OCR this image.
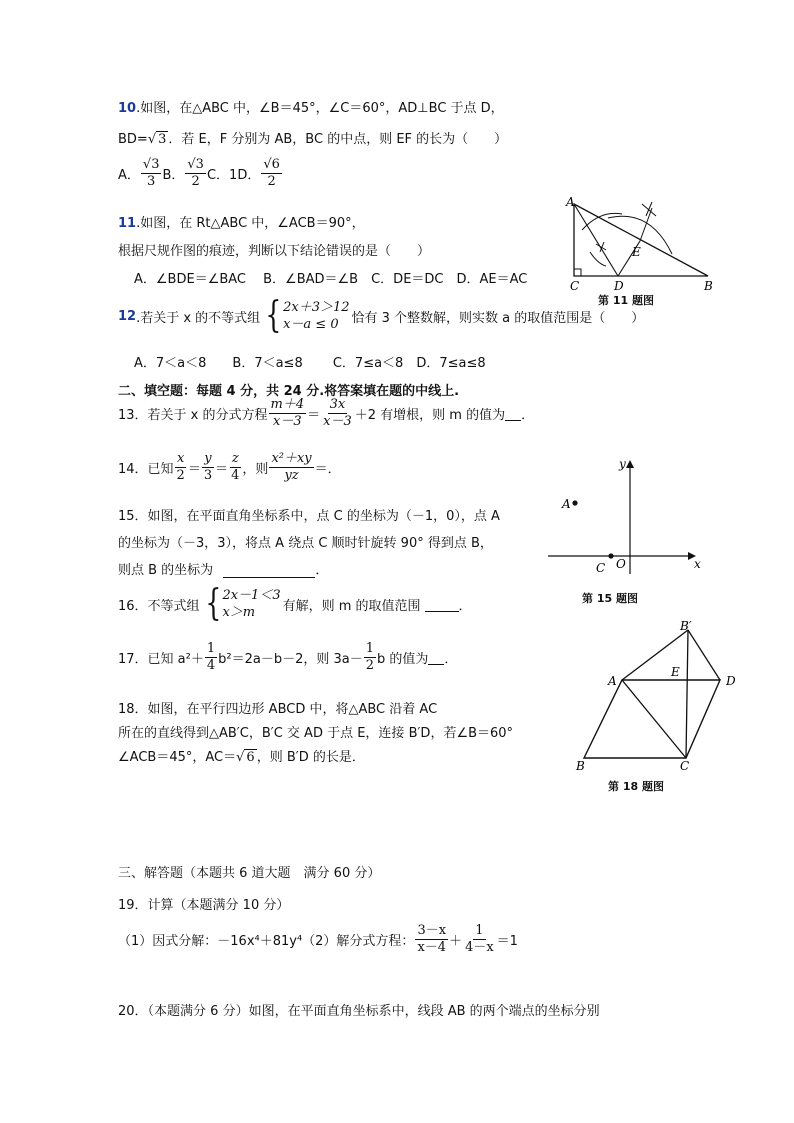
10.如图，在△ABC 中，∠B＝45°，∠C＝60°，AD⊥BC 于点 D，
BD=√ 3 ．若 E，F 分别为 AB，BC 的中点，则 EF 的长为（　　）
A． $\frac{√3}{3}$ B． $\frac{√3}{2}$ C．1 D． $\frac{√6}{2}$
11.如图，在 Rt△ABC 中，∠ACB＝90°，
根据尺规作图的痕迹，判断以下结论错误的是（　　）
A．∠BDE＝∠BAC　 B．∠BAD＝∠B　C．DE＝DC　D．AE＝AC
A
C	D
E
B
第 11 题图
12 .若关于 x 的不等式组 { 2x＋3＞12
x－a ≤ 0 恰有 3 个整数解，则实数 a 的取值范围是（　　）
A．7＜a＜8　　B．7＜a≤8　　 C．7≤a＜8　D．7≤a≤8
二、填空题：每题 4 分，共 24 分.将答案填在题的中线上.
13．若关于 x 的分式方程 $\frac{m+4}{x-3} = \frac{3x}{x-3} +2$ 有增根，则 m 的值为 ．
14．已知 $\frac{x}{2} = \frac{y}{3} = \frac{z}{4}$ ，则 $\frac{\text{x²＋xy}}{yz}$ ＝．
15．如图，在平面直角坐标系中，点 C 的坐标为（－1，0），点 A
的坐标为（－3，3），将点 A 绕点 C 顺时针旋转 90° 得到点 B，
则点 B 的坐标为	．
y
A
C O	x
第 15 题图
16．不等式组 { 2x－1＜3
x＞m	有解，则 m 的取值范围	．
17．已知 $a^2+ \frac{1}{4} b^2=2a-b-2$，则 $3a- \frac{1}{2}$ b 的值为 ．
18．如图，在平行四边形 ABCD 中，将△ABC 沿着 AC
所在的直线得到△AB′C，B′C 交 AD 于点 E，连接 B′D，若∠B＝60°
∠ACB＝45°，AC＝√ 6 ，则 B′D 的长是．
B′
A
E
D
B	C
第 18 题图
三、解答题（本题共 6 道大题　满分 60 分）
19．计算（本题满分 10 分）
（1）因式分解：－16x⁴＋81y⁴（2）解分式方程： $\frac{3-x}{x-4} + \frac{1}{4-x} =1$
20．（本题满分 6 分）如图，在平面直角坐标系中，线段 AB 的两个端点的坐标分别
